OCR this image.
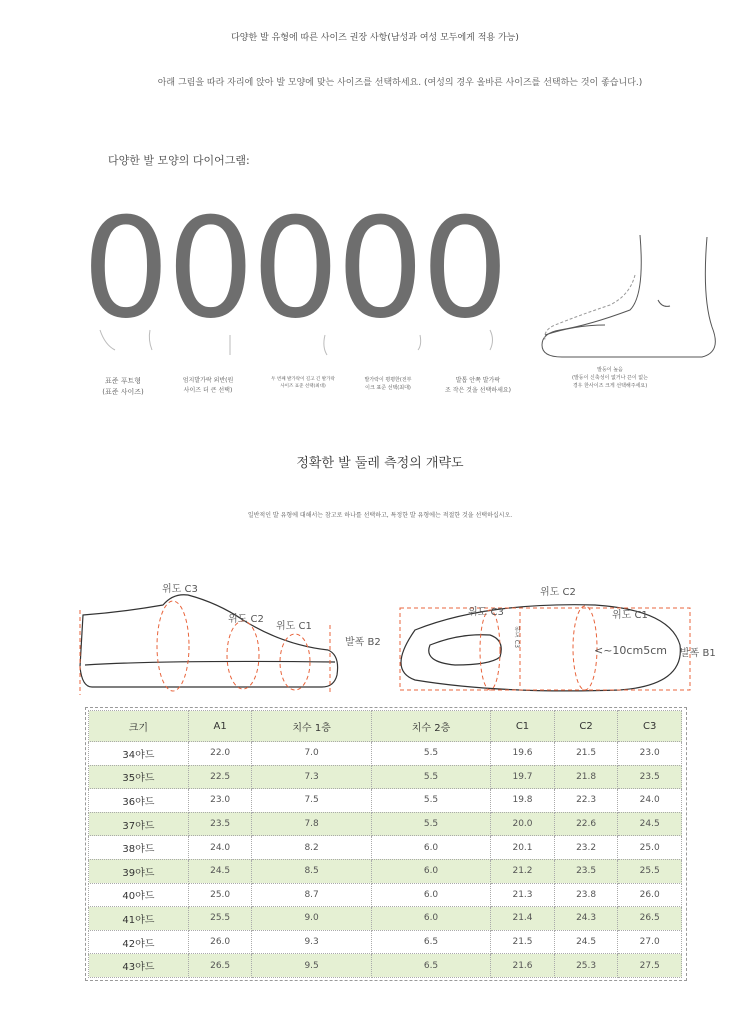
다양한 발 유형에 따른 사이즈 권장 사항(남성과 여성 모두에게 적용 가능)
아래 그림을 따라 자리에 앉아 발 모양에 맞는 사이즈를 선택하세요. (여성의 경우 올바른 사이즈를 선택하는 것이 좋습니다.)
다양한 발 모양의 다이어그램:
00000
표준 푸트형
(표준 사이즈)
엄지발가락 외반(원
사이즈 더 큰 선택)
두 번째 발가락이 길고 긴 발가락
사이즈 표준 선택(최대)
발가락이 평평한(전부
이크 표준 선택(최대)
발톱 안쪽 발가락
조 작은 것을 선택하세요)
발등이 높음
(발등이 신축성이 없거나 끈이 없는
경우 한사이즈 크게 선택해주세요)
정확한 발 둘레 측정의 개략도
일반적인 발 유형에 대해서는 참고로 하나를 선택하고, 특정한 발 유형에는 적절한 것을 선택하십시오.
위도 C3
위도 C2
위도 C1
위도 C2
위도 C3	위도 C1
발폭 B2
발폭 B1
<~10cm5cm
위도 C3
크기	A1	치수 1층	치수 2층	C1	C2	C3
34야드	22.0	7.0	5.5	19.6	21.5	23.0
35야드	22.5	7.3	5.5	19.7	21.8	23.5
36야드	23.0	7.5	5.5	19.8	22.3	24.0
37야드	23.5	7.8	5.5	20.0	22.6	24.5
38야드	24.0	8.2	6.0	20.1	23.2	25.0
39야드	24.5	8.5	6.0	21.2	23.5	25.5
40야드	25.0	8.7	6.0	21.3	23.8	26.0
41야드	25.5	9.0	6.0	21.4	24.3	26.5
42야드	26.0	9.3	6.5	21.5	24.5	27.0
43야드	26.5	9.5	6.5	21.6	25.3	27.5
